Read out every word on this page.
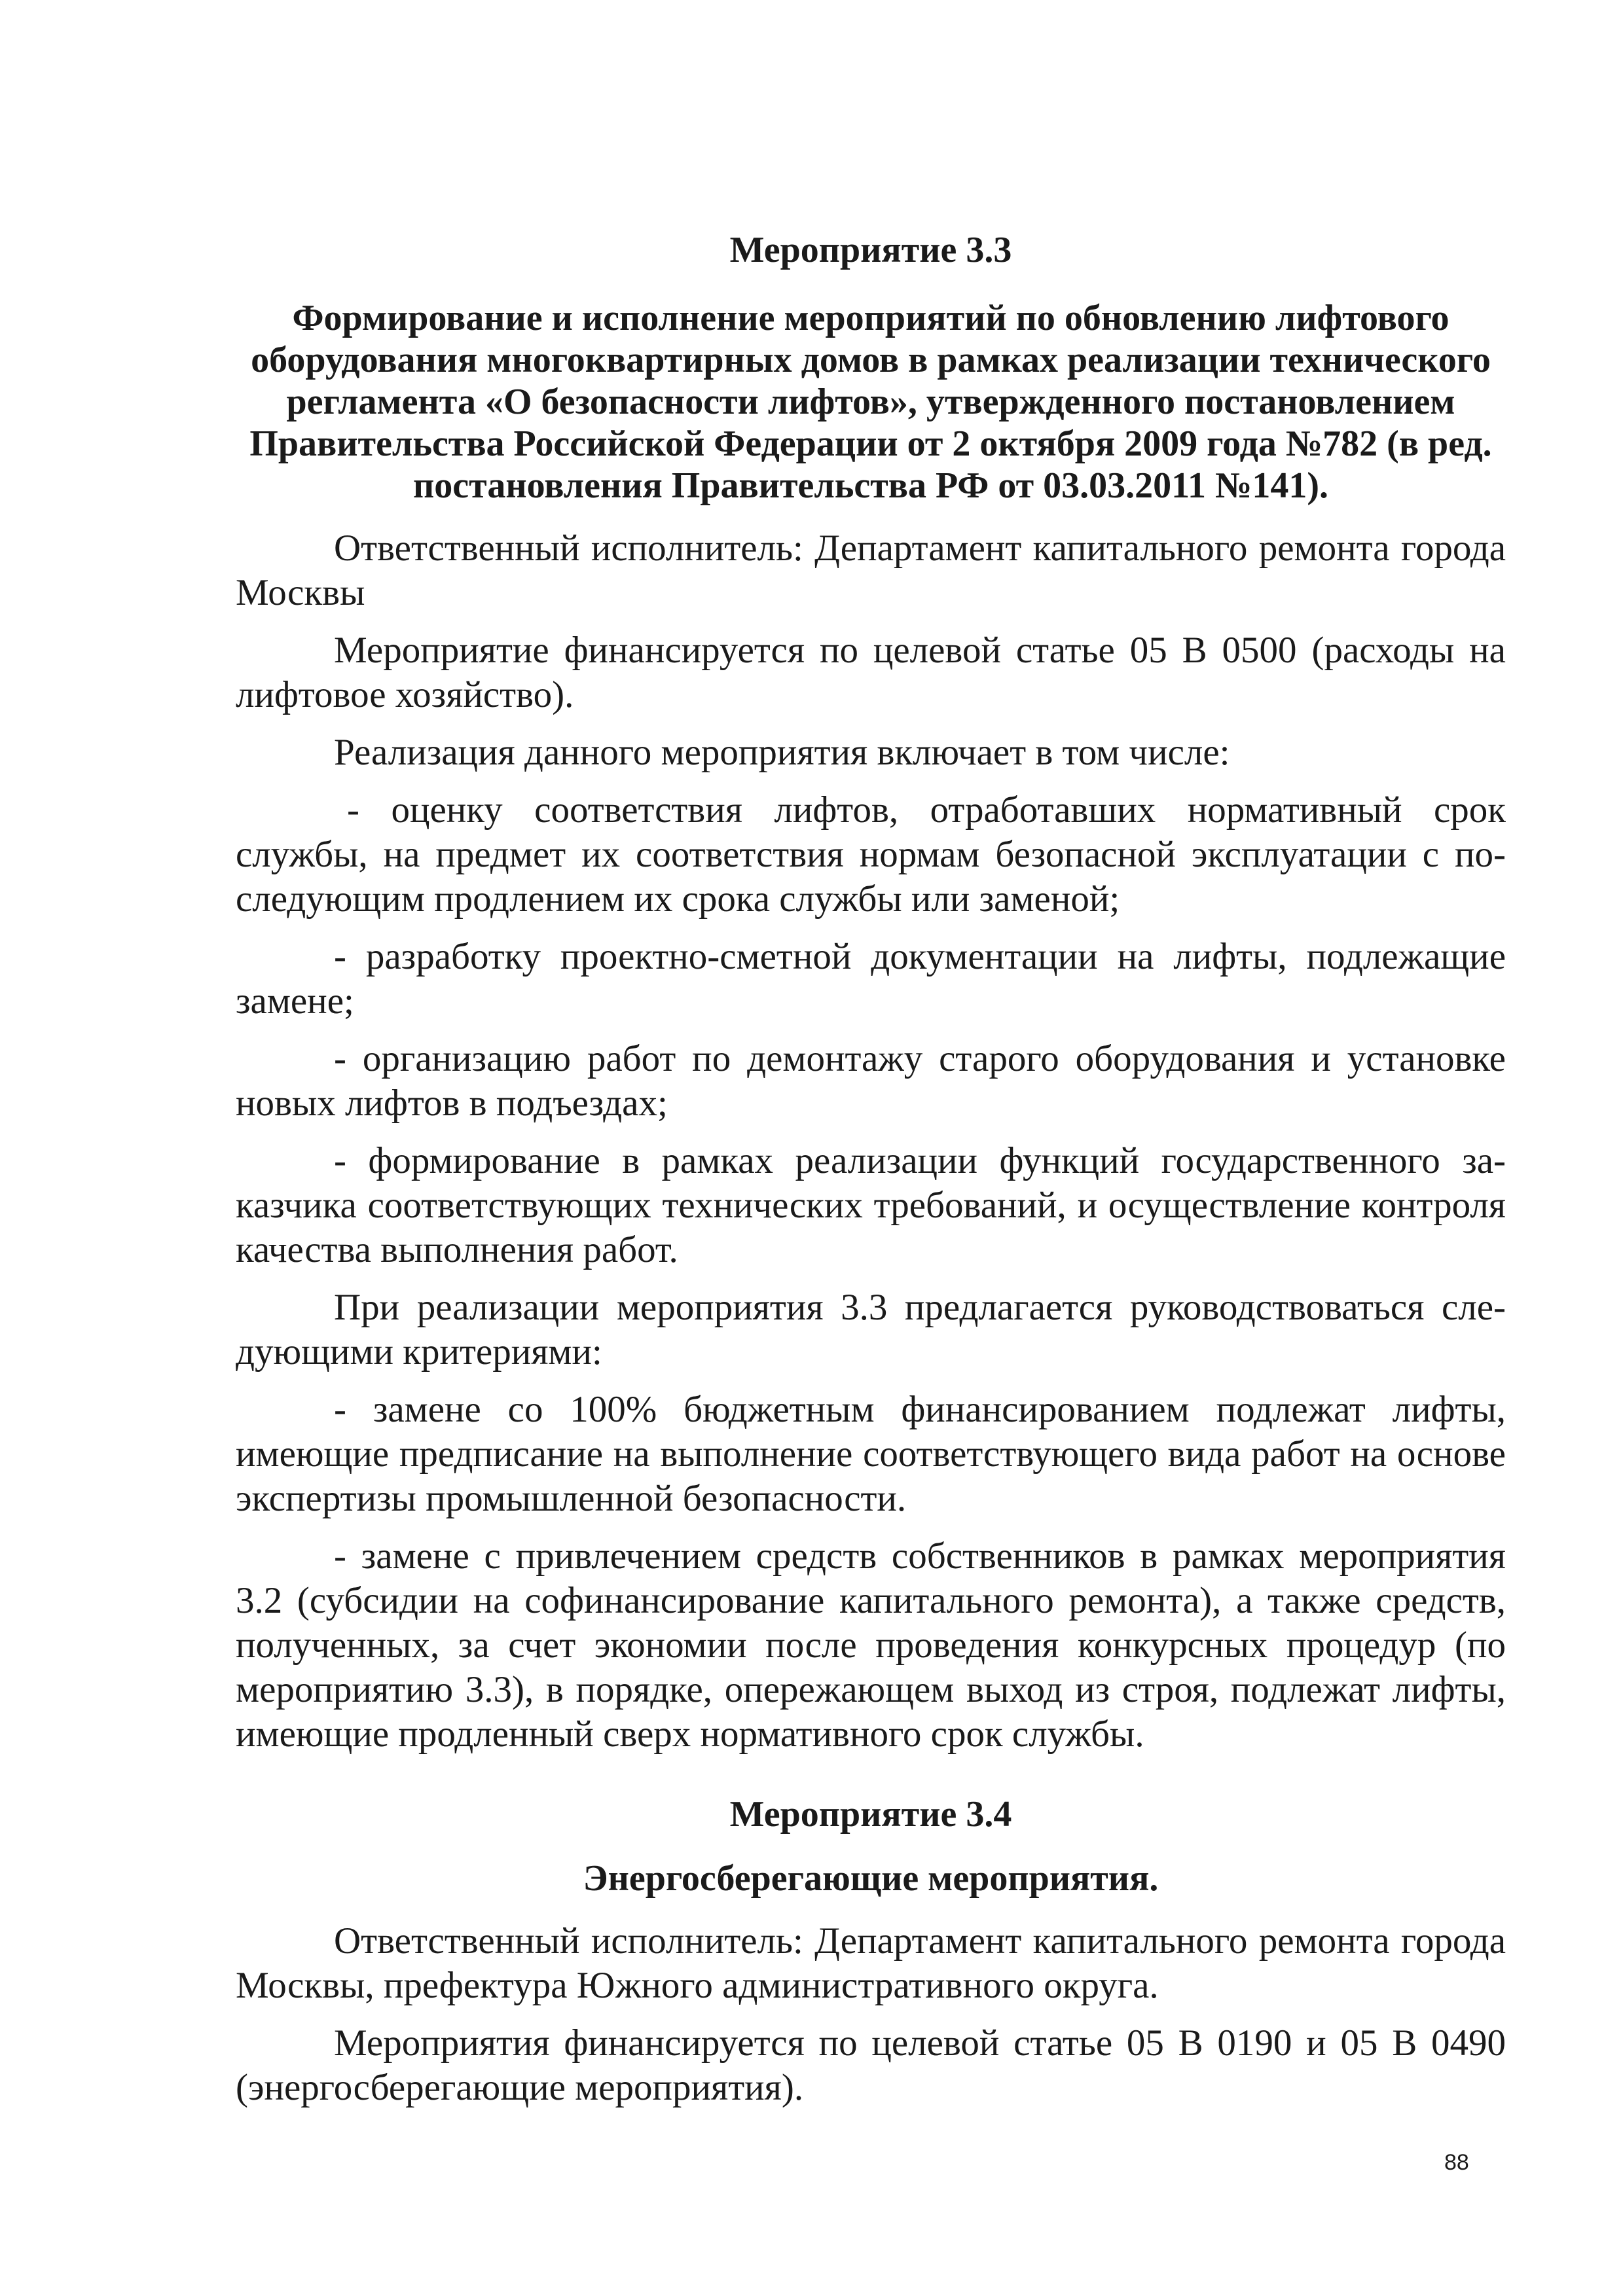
Мероприятие 3.3
Формирование и исполнение мероприятий по обновлению лифтового оборудования многоквартирных домов в рамках реализации технического регламента «О безопасности лифтов», утвержденного постановлением Правительства Российской Федерации от 2 октября 2009 года №782 (в ред. постановления Правительства РФ от 03.03.2011 №141).

Ответственный исполнитель: Департамент капитального ремонта города Москвы

Мероприятие финансируется по целевой статье 05 В 0500 (расходы на лифтовое хозяйство).

Реализация данного мероприятия включает в том числе:

- оценку соответствия лифтов, отработавших нормативный срок службы, на предмет их соответствия нормам безопасной эксплуатации с последующим продлением их срока службы или заменой;

- разработку проектно-сметной документации на лифты, подлежащие замене;

- организацию работ по демонтажу старого оборудования и установке новых лифтов в подъездах;

- формирование в рамках реализации функций государственного заказчика соответствующих технических требований, и осуществление контроля качества выполнения работ.

При реализации мероприятия 3.3 предлагается руководствоваться следующими критериями:

- замене со 100% бюджетным финансированием подлежат лифты, имеющие предписание на выполнение соответствующего вида работ на основе экспертизы промышленной безопасности.

- замене с привлечением средств собственников в рамках мероприятия 3.2 (субсидии на софинансирование капитального ремонта), а также средств, полученных, за счет экономии после проведения конкурсных процедур (по мероприятию 3.3), в порядке, опережающем выход из строя, подлежат лифты, имеющие продленный сверх нормативного срок службы.

Мероприятие 3.4
Энергосберегающие мероприятия.

Ответственный исполнитель: Департамент капитального ремонта города Москвы, префектура Южного административного округа.

Мероприятия финансируется по целевой статье 05 В 0190 и 05 В 0490 (энергосберегающие мероприятия).

88
